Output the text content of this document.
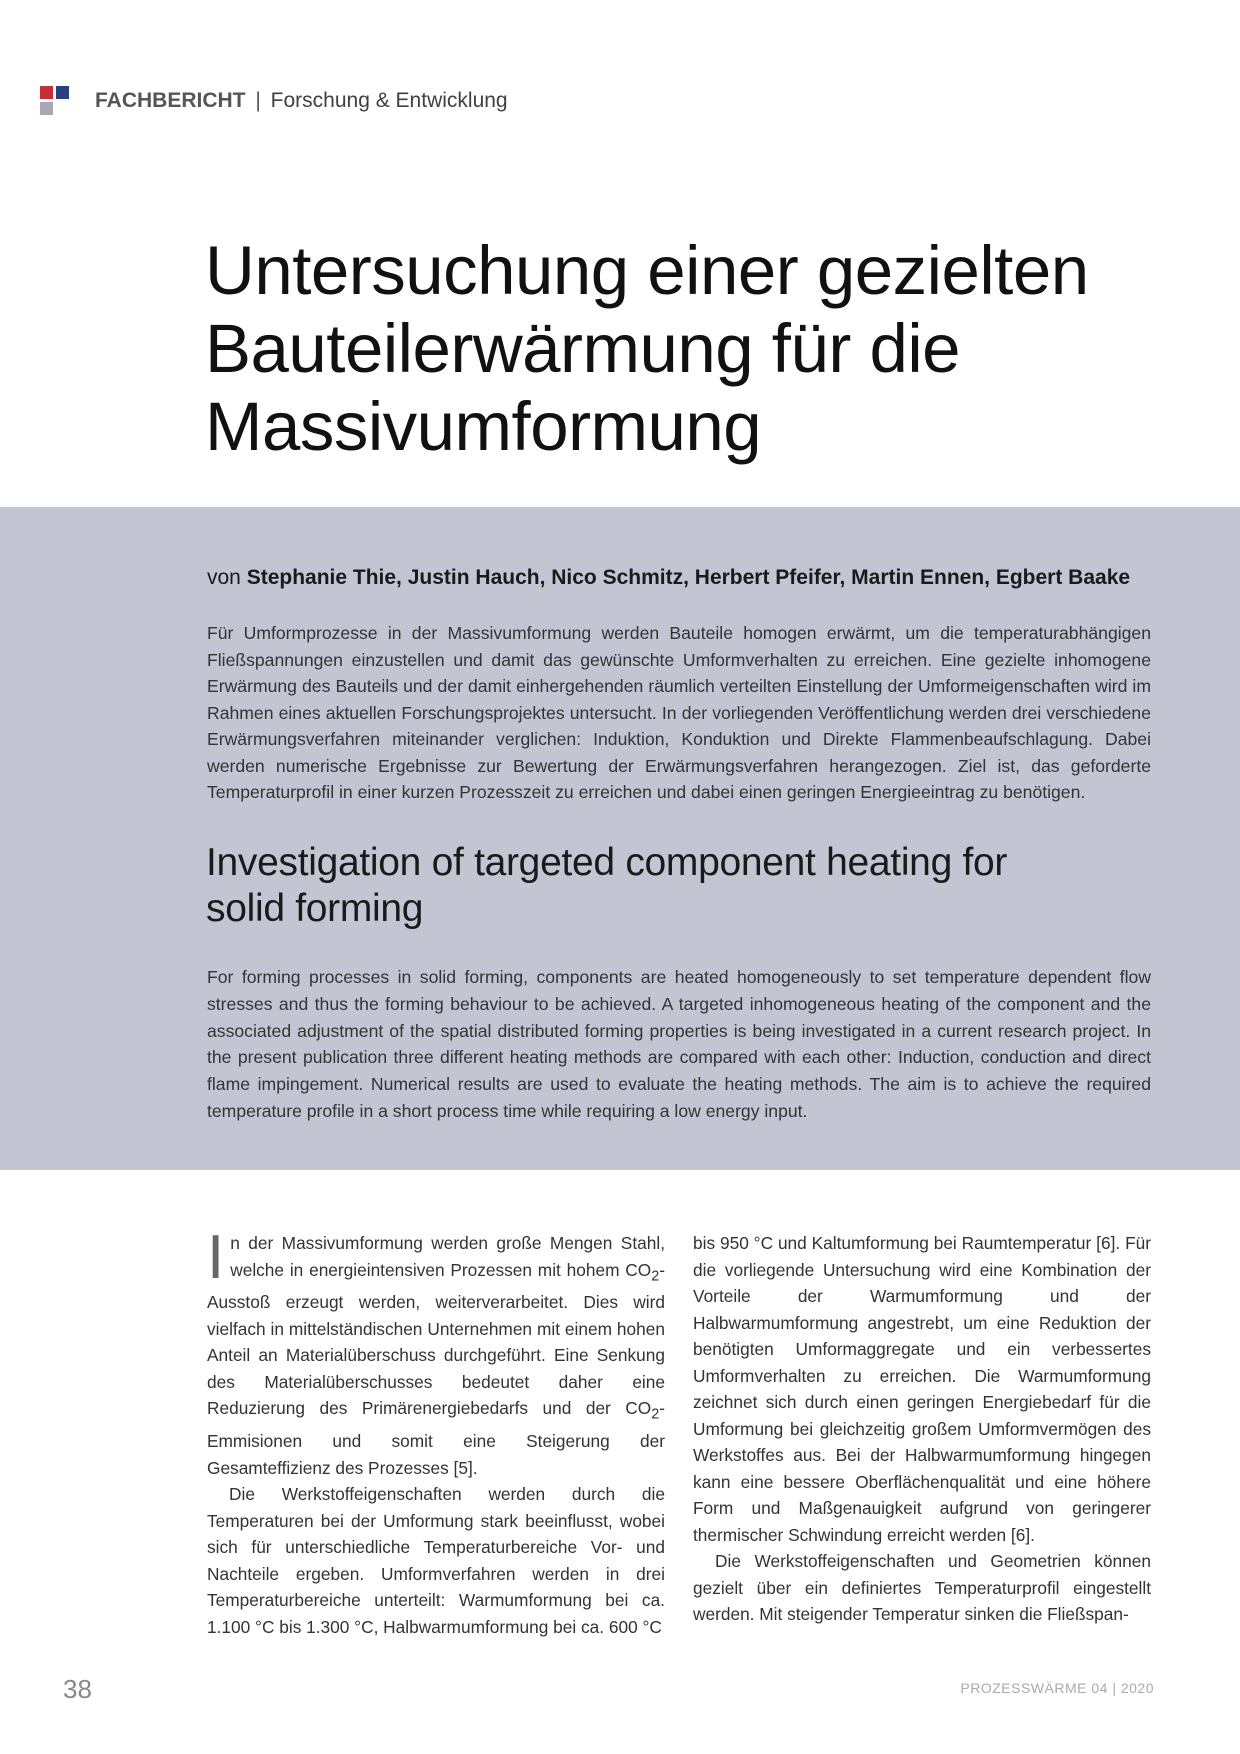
FACHBERICHT | Forschung & Entwicklung
Untersuchung einer gezielten Bauteilerwärmung für die Massivumformung
von Stephanie Thie, Justin Hauch, Nico Schmitz, Herbert Pfeifer, Martin Ennen, Egbert Baake

Für Umformprozesse in der Massivumformung werden Bauteile homogen erwärmt, um die temperaturabhängigen Fließspannungen einzustellen und damit das gewünschte Umformverhalten zu erreichen. Eine gezielte inhomogene Erwärmung des Bauteils und der damit einhergehenden räumlich verteilten Einstellung der Umformeigenschaften wird im Rahmen eines aktuellen Forschungsprojektes untersucht. In der vorliegenden Veröffentlichung werden drei verschiedene Erwärmungsverfahren miteinander verglichen: Induktion, Konduktion und Direkte Flammenbeaufschlagung. Dabei werden numerische Ergebnisse zur Bewertung der Erwärmungsverfahren herangezogen. Ziel ist, das geforderte Temperaturprofil in einer kurzen Prozesszeit zu erreichen und dabei einen geringen Energieeintrag zu benötigen.

Investigation of targeted component heating for solid forming

For forming processes in solid forming, components are heated homogeneously to set temperature dependent flow stresses and thus the forming behaviour to be achieved. A targeted inhomogeneous heating of the component and the associated adjustment of the spatial distributed forming properties is being investigated in a current research project. In the present publication three different heating methods are compared with each other: Induction, conduction and direct flame impingement. Numerical results are used to evaluate the heating methods. The aim is to achieve the required temperature profile in a short process time while requiring a low energy input.

In der Massivumformung werden große Mengen Stahl, welche in energieintensiven Prozessen mit hohem $CO_2$-Ausstoß erzeugt werden, weiterverarbeitet. Dies wird vielfach in mittelständischen Unternehmen mit einem hohen Anteil an Materialüberschuss durchgeführt. Eine Senkung des Materialüberschusses bedeutet daher eine Reduzierung des Primärenergiebedarfs und der $CO_2$-Emmisionen und somit eine Steigerung der Gesamteffizienz des Prozesses [5].

Die Werkstoffeigenschaften werden durch die Temperaturen bei der Umformung stark beeinflusst, wobei sich für unterschiedliche Temperaturbereiche Vor- und Nachteile ergeben. Umformverfahren werden in drei Temperaturbereiche unterteilt: Warmumformung bei ca. 1.100 °C bis 1.300 °C, Halbwarmumformung bei ca. 600 °C

bis 950 °C und Kaltumformung bei Raumtemperatur [6]. Für die vorliegende Untersuchung wird eine Kombination der Vorteile der Warmumformung und der Halbwarmumformung angestrebt, um eine Reduktion der benötigten Umformaggregate und ein verbessertes Umformverhalten zu erreichen. Die Warmumformung zeichnet sich durch einen geringen Energiebedarf für die Umformung bei gleichzeitig großem Umformvermögen des Werkstoffes aus. Bei der Halbwarmumformung hingegen kann eine bessere Oberflächenqualität und eine höhere Form und Maßgenauigkeit aufgrund von geringerer thermischer Schwindung erreicht werden [6].

Die Werkstoffeigenschaften und Geometrien können gezielt über ein definiertes Temperaturprofil eingestellt werden. Mit steigender Temperatur sinken die Fließspan-

38	PROZESSWÄRME 04 | 2020
